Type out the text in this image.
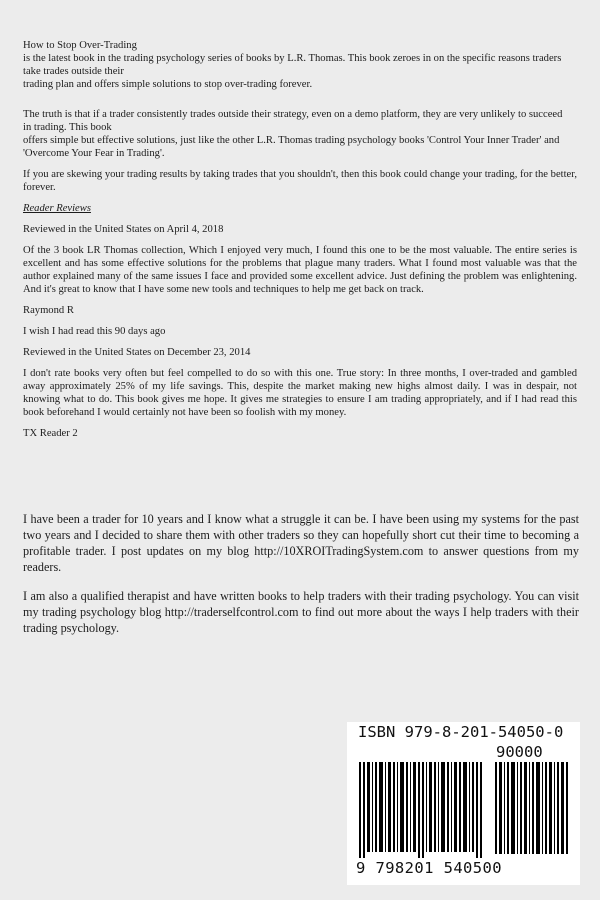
How to Stop Over-Trading
is the latest book in the trading psychology series of books by L.R. Thomas. This book zeroes in on the specific reasons traders
take trades outside their
trading plan and offers simple solutions to stop over-trading forever.

The truth is that if a trader consistently trades outside their strategy, even on a demo platform, they are very unlikely to succeed
in trading. This book
offers simple but effective solutions, just like the other L.R. Thomas trading psychology books 'Control Your Inner Trader' and
'Overcome Your Fear in Trading'.

If you are skewing your trading results by taking trades that you shouldn't, then this book could change your trading, for the better, forever.

Reader Reviews

Reviewed in the United States on April 4, 2018

Of the 3 book LR Thomas collection, Which I enjoyed very much, I found this one to be the most valuable. The entire series is excellent and has some effective solutions for the problems that plague many traders. What I found most valuable was that the author explained many of the same issues I face and provided some excellent advice. Just defining the problem was enlightening. And it's great to know that I have some new tools and techniques to help me get back on track.

Raymond R

I wish I had read this 90 days ago

Reviewed in the United States on December 23, 2014

I don't rate books very often but feel compelled to do so with this one. True story: In three months, I over-traded and gambled away approximately 25% of my life savings. This, despite the market making new highs almost daily. I was in despair, not knowing what to do. This book gives me hope. It gives me strategies to ensure I am trading appropriately, and if I had read this book beforehand I would certainly not have been so foolish with my money.

TX Reader 2

I have been a trader for 10 years and I know what a struggle it can be. I have been using my systems for the past two years and I decided to share them with other traders so they can hopefully short cut their time to becoming a profitable trader. I post updates on my blog http://10XROITradingSystem.com to answer questions from my readers.

I am also a qualified therapist and have written books to help traders with their trading psychology. You can visit my trading psychology blog http://traderselfcontrol.com to find out more about the ways I help traders with their trading psychology.

ISBN 979-8-201-54050-0
90000
9 798201 540500
